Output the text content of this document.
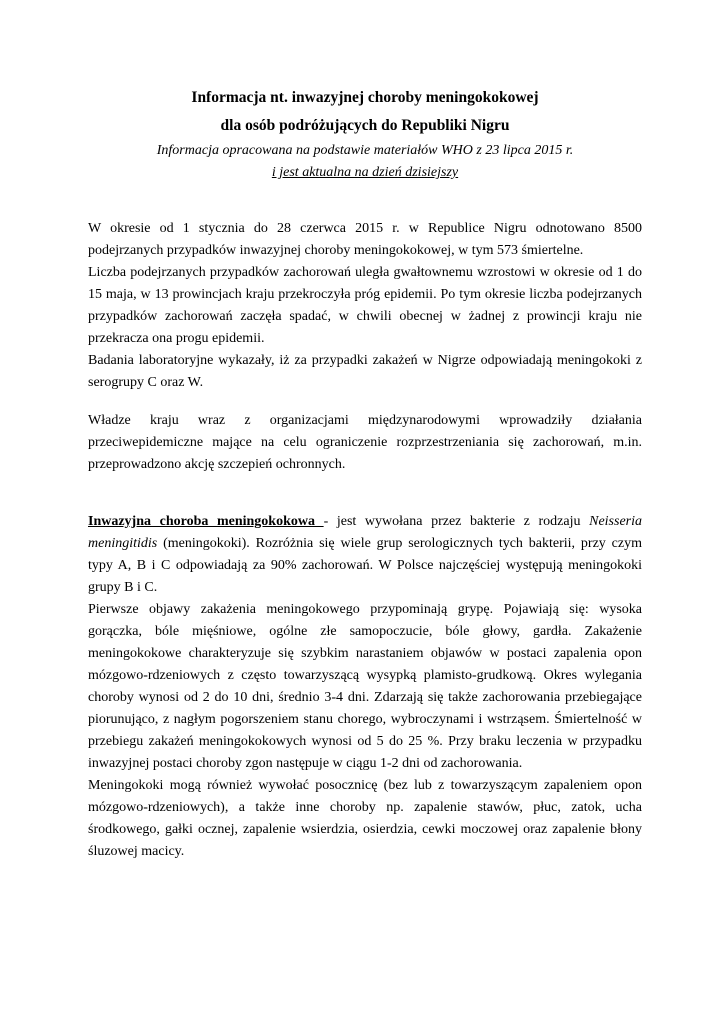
Informacja nt. inwazyjnej choroby meningokokowej

dla osób podróżujących do Republiki Nigru

Informacja opracowana na podstawie materiałów WHO z 23 lipca 2015 r.

i jest aktualna na dzień dzisiejszy

W okresie od 1 stycznia do 28 czerwca 2015 r. w Republice Nigru odnotowano 8500 podejrzanych przypadków inwazyjnej choroby meningokokowej, w tym 573 śmiertelne.

Liczba podejrzanych przypadków zachorowań uległa gwałtownemu wzrostowi w okresie od 1 do 15 maja, w 13 prowincjach kraju przekroczyła próg epidemii. Po tym okresie liczba podejrzanych przypadków zachorowań zaczęła spadać, w chwili obecnej w żadnej z prowincji kraju nie przekracza ona progu epidemii.

Badania laboratoryjne wykazały, iż za przypadki zakażeń w Nigrze odpowiadają meningokoki z serogrupy C oraz W.

Władze kraju wraz z organizacjami międzynarodowymi wprowadziły działania przeciwepidemiczne mające na celu ograniczenie rozprzestrzeniania się zachorowań, m.in. przeprowadzono akcję szczepień ochronnych.

Inwazyjna choroba meningokokowa - jest wywołana przez bakterie z rodzaju Neisseria meningitidis (meningokoki). Rozróżnia się wiele grup serologicznych tych bakterii, przy czym typy A, B i C odpowiadają za 90% zachorowań. W Polsce najczęściej występują meningokoki grupy B i C.

Pierwsze objawy zakażenia meningokowego przypominają grypę. Pojawiają się: wysoka gorączka, bóle mięśniowe, ogólne złe samopoczucie, bóle głowy, gardła. Zakażenie meningokokowe charakteryzuje się szybkim narastaniem objawów w postaci zapalenia opon mózgowo-rdzeniowych z często towarzyszącą wysypką plamisto-grudkową. Okres wylegania choroby wynosi od 2 do 10 dni, średnio 3-4 dni. Zdarzają się także zachorowania przebiegające piorunująco, z nagłym pogorszeniem stanu chorego, wybroczynami i wstrząsem. Śmiertelność w przebiegu zakażeń meningokokowych wynosi od 5 do 25 %. Przy braku leczenia w przypadku inwazyjnej postaci choroby zgon następuje w ciągu 1-2 dni od zachorowania.

Meningokoki mogą również wywołać posocznicę (bez lub z towarzyszącym zapaleniem opon mózgowo-rdzeniowych), a także inne choroby np. zapalenie stawów, płuc, zatok, ucha środkowego, gałki ocznej, zapalenie wsierdzia, osierdzia, cewki moczowej oraz zapalenie błony śluzowej macicy.
